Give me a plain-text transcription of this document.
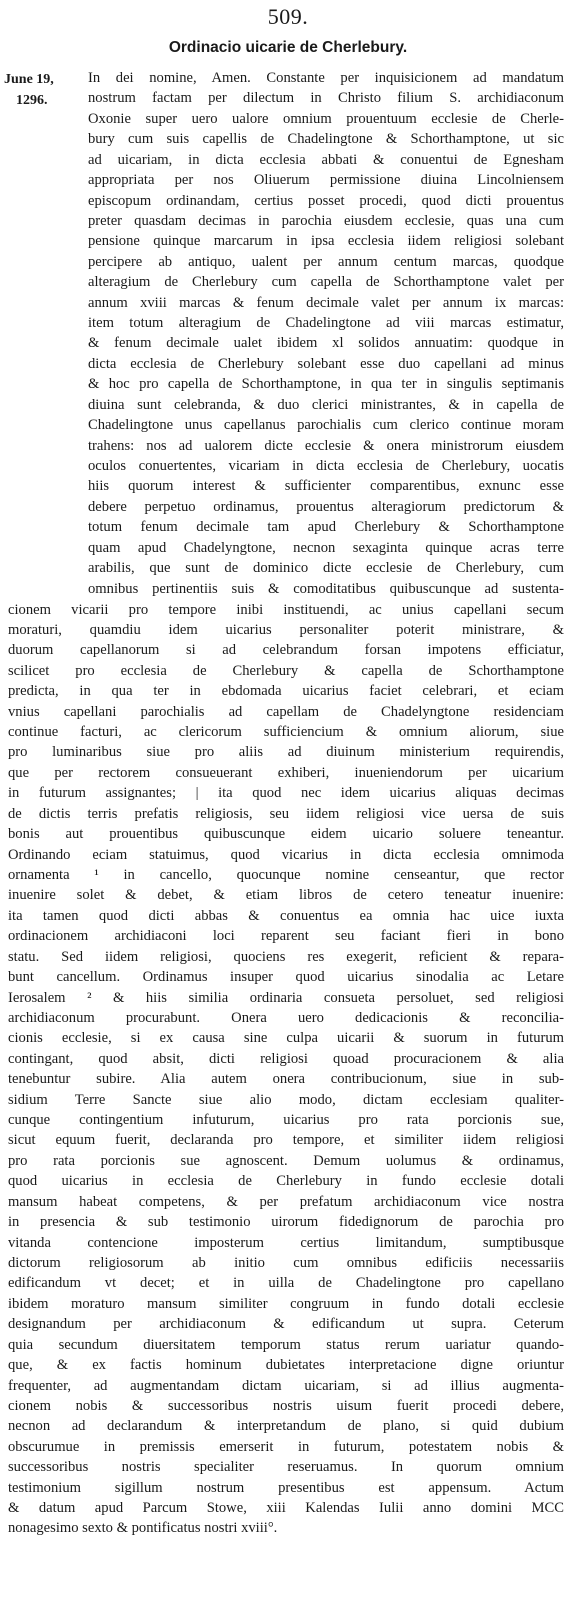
509.
Ordinacio uicarie de Cherlebury.
June 19,
1296.
In dei nomine, Amen. Constante per inquisicionem ad mandatum
nostrum factam per dilectum in Christo filium S. archidiaconum
Oxonie super uero ualore omnium prouentuum ecclesie de Cherle-
bury cum suis capellis de Chadelingtone & Schorthamptone, ut sic
ad uicariam, in dicta ecclesia abbati & conuentui de Egnesham
appropriata per nos Oliuerum permissione diuina Lincolniensem
episcopum ordinandam, certius posset procedi, quod dicti prouentus
preter quasdam decimas in parochia eiusdem ecclesie, quas una cum
pensione quinque marcarum in ipsa ecclesia iidem religiosi solebant
percipere ab antiquo, ualent per annum centum marcas, quodque
alteragium de Cherlebury cum capella de Schorthamptone valet per
annum xviii marcas & fenum decimale valet per annum ix marcas:
item totum alteragium de Chadelingtone ad viii marcas estimatur,
& fenum decimale ualet ibidem xl solidos annuatim: quodque in
dicta ecclesia de Cherlebury solebant esse duo capellani ad minus
& hoc pro capella de Schorthamptone, in qua ter in singulis septimanis
diuina sunt celebranda, & duo clerici ministrantes, & in capella de
Chadelingtone unus capellanus parochialis cum clerico continue moram
trahens: nos ad ualorem dicte ecclesie & onera ministrorum eiusdem
oculos conuertentes, vicariam in dicta ecclesia de Cherlebury, uocatis
hiis quorum interest & sufficienter comparentibus, exnunc esse
debere perpetuo ordinamus, prouentus alteragiorum predictorum &
totum fenum decimale tam apud Cherlebury & Schorthamptone
quam apud Chadelyngtone, necnon sexaginta quinque acras terre
arabilis, que sunt de dominico dicte ecclesie de Cherlebury, cum
omnibus pertinentiis suis & comoditatibus quibuscunque ad sustenta-
cionem vicarii pro tempore inibi instituendi, ac unius capellani secum
moraturi, quamdiu idem uicarius personaliter poterit ministrare, &
duorum capellanorum si ad celebrandum forsan impotens efficiatur,
scilicet pro ecclesia de Cherlebury & capella de Schorthamptone
predicta, in qua ter in ebdomada uicarius faciet celebrari, et eciam
vnius capellani parochialis ad capellam de Chadelyngtone residenciam
continue facturi, ac clericorum sufficiencium & omnium aliorum, siue
pro luminaribus siue pro aliis ad diuinum ministerium requirendis,
que per rectorem consueuerant exhiberi, inueniendorum per uicarium
in futurum assignantes; | ita quod nec idem uicarius aliquas decimas
de dictis terris prefatis religiosis, seu iidem religiosi vice uersa de suis
bonis aut prouentibus quibuscunque eidem uicario soluere teneantur.
Ordinando eciam statuimus, quod vicarius in dicta ecclesia omnimoda
ornamenta ¹ in cancello, quocunque nomine censeantur, que rector
inuenire solet & debet, & etiam libros de cetero teneatur inuenire:
ita tamen quod dicti abbas & conuentus ea omnia hac uice iuxta
ordinacionem archidiaconi loci reparent seu faciant fieri in bono
statu. Sed iidem religiosi, quociens res exegerit, reficient & repara-
bunt cancellum. Ordinamus insuper quod uicarius sinodalia ac Letare
Ierosalem ² & hiis similia ordinaria consueta persoluet, sed religiosi
archidiaconum procurabunt. Onera uero dedicacionis & reconcilia-
cionis ecclesie, si ex causa sine culpa uicarii & suorum in futurum
contingant, quod absit, dicti religiosi quoad procuracionem & alia
tenebuntur subire. Alia autem onera contribucionum, siue in sub-
sidium Terre Sancte siue alio modo, dictam ecclesiam qualiter-
cunque contingentium infuturum, uicarius pro rata porcionis sue,
sicut equum fuerit, declaranda pro tempore, et similiter iidem religiosi
pro rata porcionis sue agnoscent. Demum uolumus & ordinamus,
quod uicarius in ecclesia de Cherlebury in fundo ecclesie dotali
mansum habeat competens, & per prefatum archidiaconum vice nostra
in presencia & sub testimonio uirorum fidedignorum de parochia pro
vitanda contencione imposterum certius limitandum, sumptibusque
dictorum religiosorum ab initio cum omnibus edificiis necessariis
edificandum vt decet; et in uilla de Chadelingtone pro capellano
ibidem moraturo mansum similiter congruum in fundo dotali ecclesie
designandum per archidiaconum & edificandum ut supra. Ceterum
quia secundum diuersitatem temporum status rerum uariatur quando-
que, & ex factis hominum dubietates interpretacione digne oriuntur
frequenter, ad augmentandam dictam uicariam, si ad illius augmenta-
cionem nobis & successoribus nostris uisum fuerit procedi debere,
necnon ad declarandum & interpretandum de plano, si quid dubium
obscurumue in premissis emerserit in futurum, potestatem nobis &
successoribus nostris specialiter reseruamus. In quorum omnium
testimonium sigillum nostrum presentibus est appensum. Actum
& datum apud Parcum Stowe, xiii Kalendas Iulii anno domini MCC
nonagesimo sexto & pontificatus nostri xviii°.
